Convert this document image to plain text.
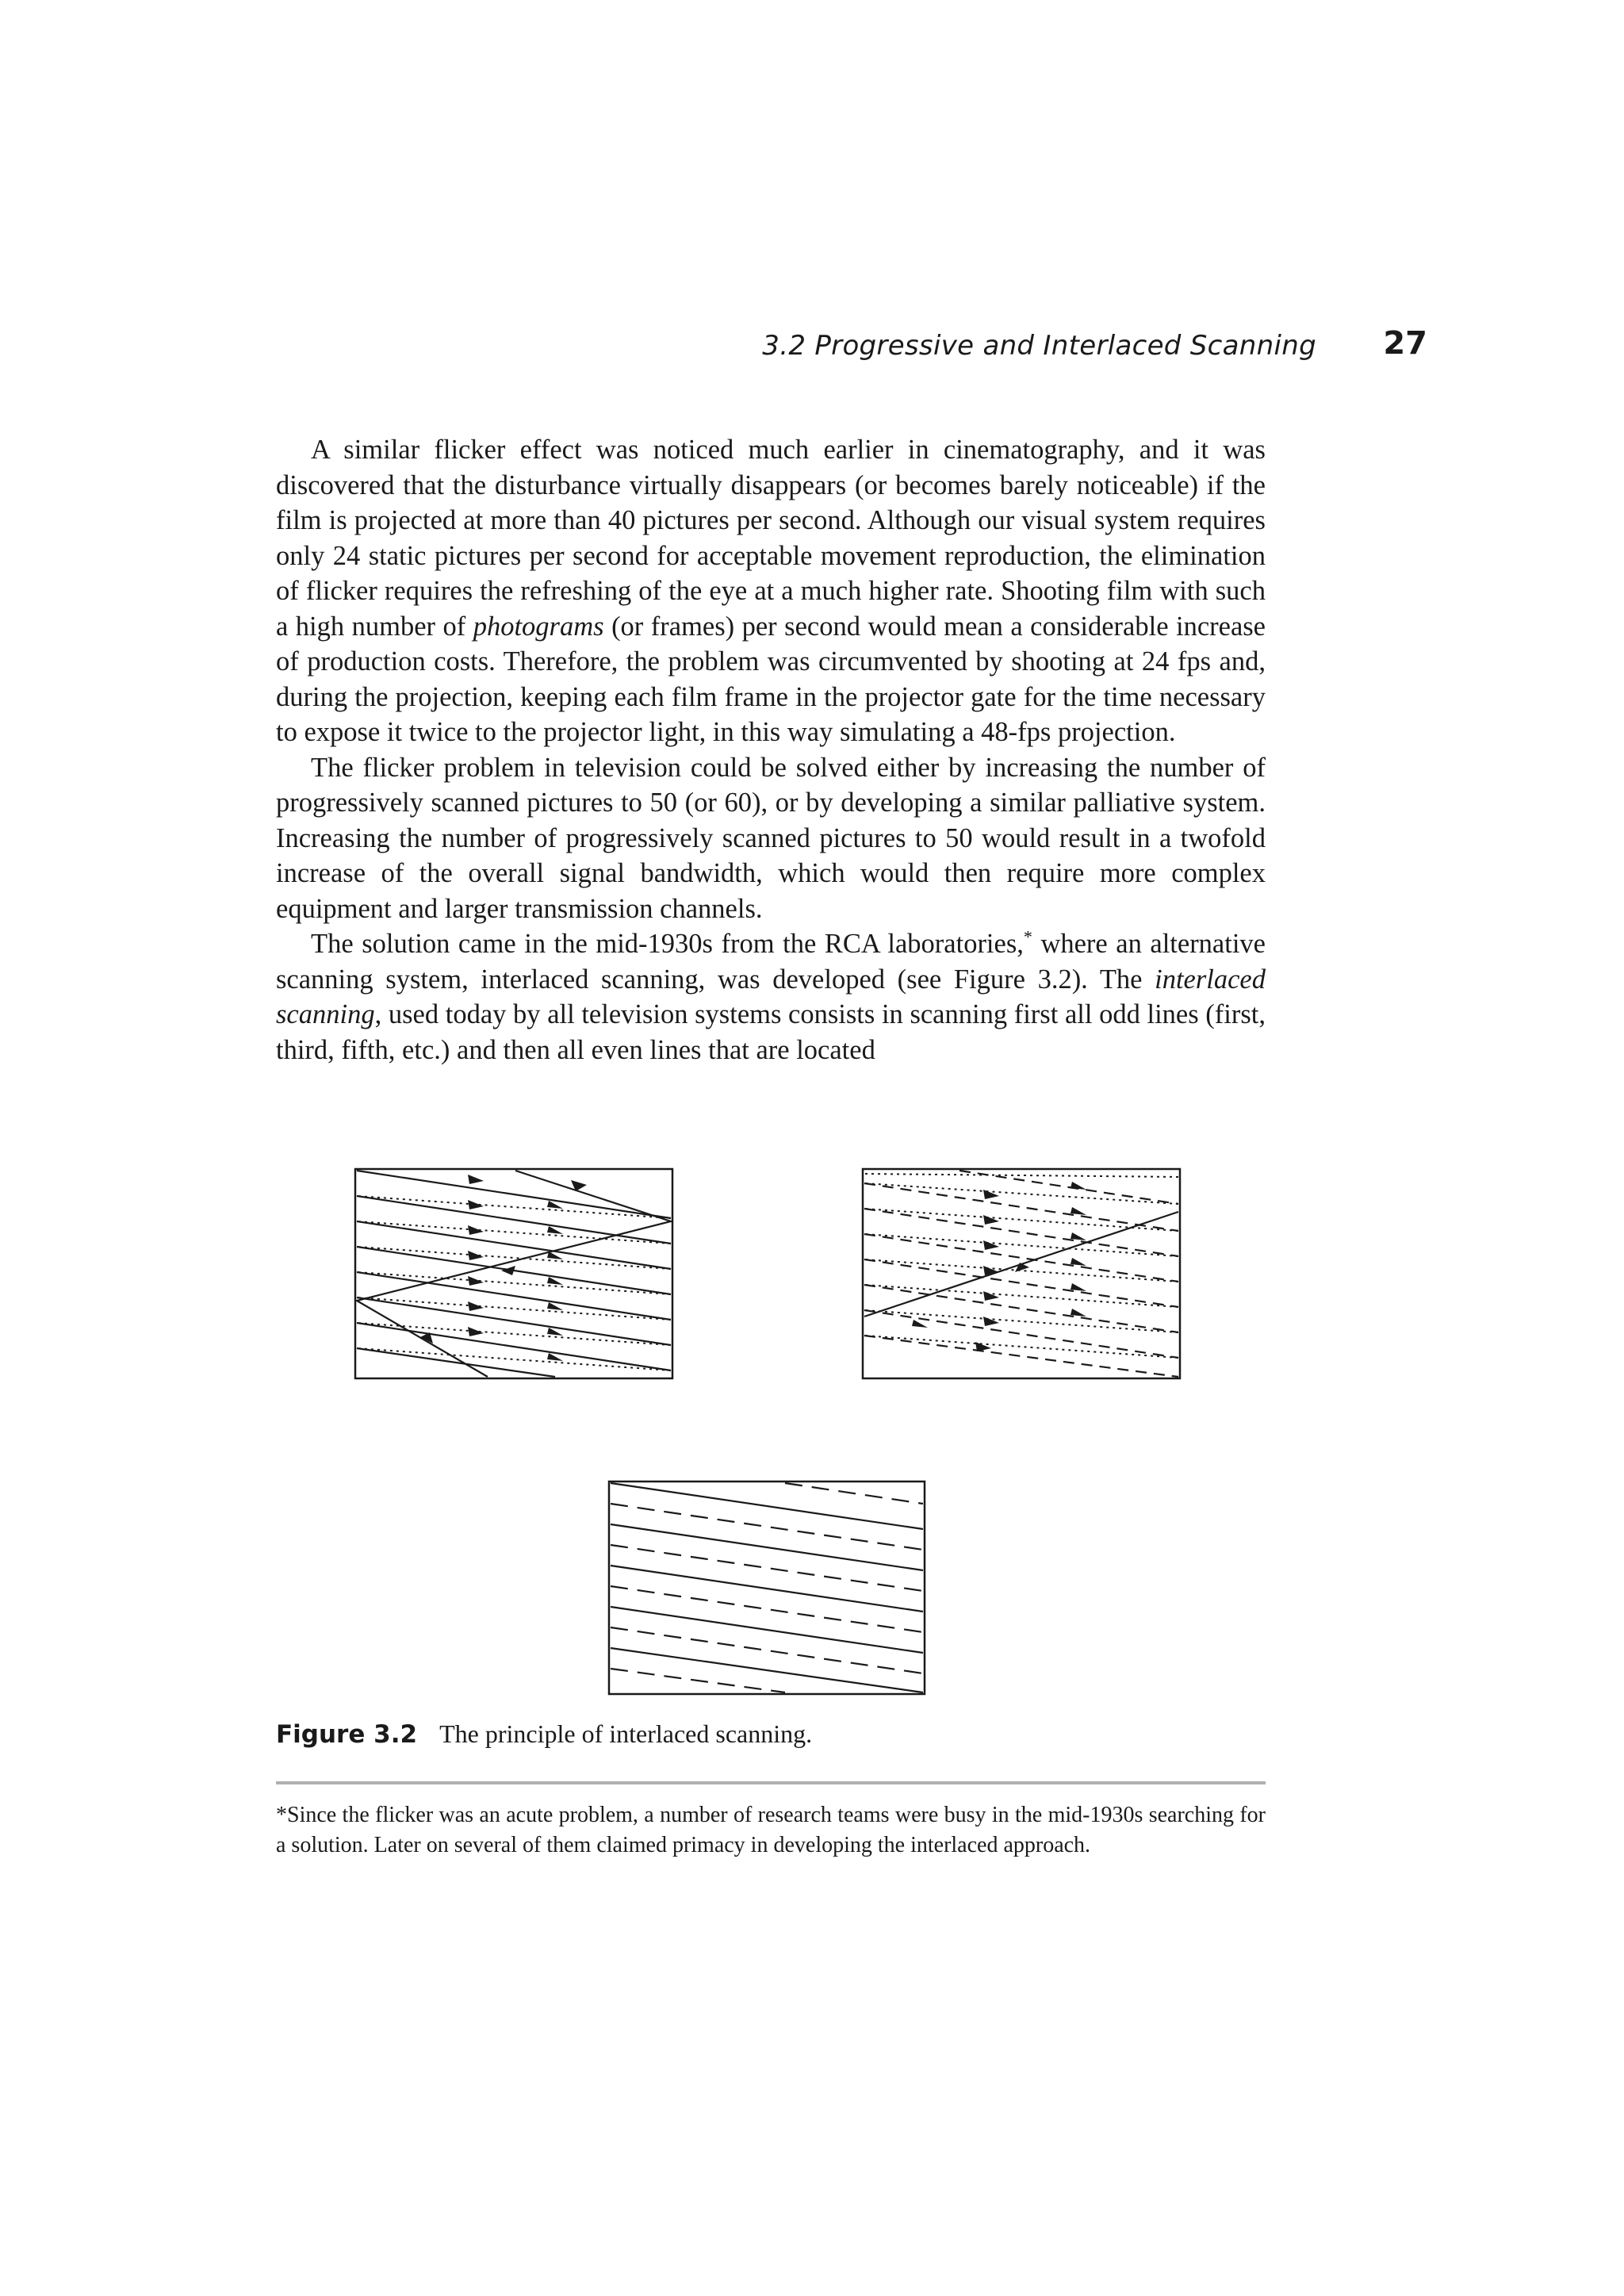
3.2 Progressive and Interlaced Scanning 27

A similar flicker effect was noticed much earlier in cinematography, and it was discovered that the disturbance virtually disappears (or becomes barely noticeable) if the film is projected at more than 40 pictures per second. Although our visual system requires only 24 static pictures per second for acceptable movement reproduction, the elimination of flicker requires the refreshing of the eye at a much higher rate. Shooting film with such a high number of photograms (or frames) per second would mean a considerable increase of production costs. Therefore, the problem was circumvented by shooting at 24 fps and, during the projection, keeping each film frame in the projector gate for the time necessary to expose it twice to the projector light, in this way simulating a 48-fps projection.

The flicker problem in television could be solved either by increasing the number of progressively scanned pictures to 50 (or 60), or by developing a similar palliative system. Increasing the number of progressively scanned pictures to 50 would result in a twofold increase of the overall signal bandwidth, which would then require more complex equipment and larger transmission channels.

The solution came in the mid-1930s from the RCA laboratories,* where an alternative scanning system, interlaced scanning, was developed (see Figure 3.2). The interlaced scanning, used today by all television systems consists in scanning first all odd lines (first, third, fifth, etc.) and then all even lines that are located

Figure 3.2 The principle of interlaced scanning.
*Since the flicker was an acute problem, a number of research teams were busy in the mid-1930s searching for a solution. Later on several of them claimed primacy in developing the interlaced approach.
